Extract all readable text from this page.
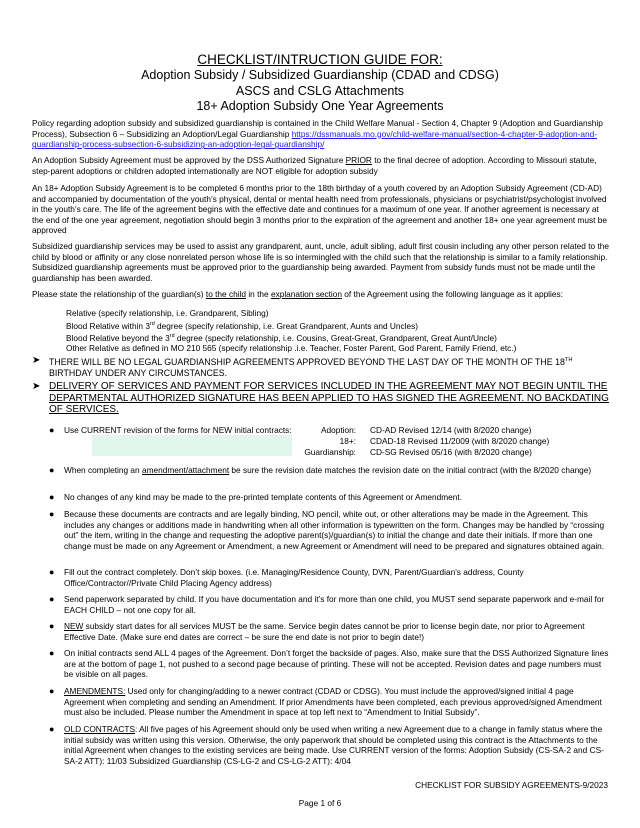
CHECKLIST/INTRUCTION GUIDE FOR:
Adoption Subsidy / Subsidized Guardianship (CDAD and CDSG)
ASCS and CSLG Attachments
18+ Adoption Subsidy One Year Agreements

Policy regarding adoption subsidy and subsidized guardianship is contained in the Child Welfare Manual - Section 4, Chapter 9 (Adoption and Guardianship Process), Subsection 6 – Subsidizing an Adoption/Legal Guardianship https://dssmanuals.mo.gov/child-welfare-manual/section-4-chapter-9-adoption-and-guardianship-process-subsection-6-subsidizing-an-adoption-legal-guardianship/

An Adoption Subsidy Agreement must be approved by the DSS Authorized Signature PRIOR to the final decree of adoption. According to Missouri statute, step-parent adoptions or children adopted internationally are NOT eligible for adoption subsidy

An 18+ Adoption Subsidy Agreement is to be completed 6 months prior to the 18th birthday of a youth covered by an Adoption Subsidy Agreement (CD-AD) and accompanied by documentation of the youth’s physical, dental or mental health need from professionals, physicians or psychiatrist/psychologist involved in the youth’s care. The life of the agreement begins with the effective date and continues for a maximum of one year. If another agreement is necessary at the end of the one year agreement, negotiation should begin 3 months prior to the expiration of the agreement and another 18+ one year agreement must be approved

Subsidized guardianship services may be used to assist any grandparent, aunt, uncle, adult sibling, adult first cousin including any other person related to the child by blood or affinity or any close nonrelated person whose life is so intermingled with the child such that the relationship is similar to a family relationship. Subsidized guardianship agreements must be approved prior to the guardianship being awarded. Payment from subsidy funds must not be made until the guardianship has been awarded.

Please state the relationship of the guardian(s) to the child in the explanation section of the Agreement using the following language as it applies:

Relative (specify relationship, i.e. Grandparent, Sibling)
Blood Relative within 3rd degree (specify relationship, i.e. Great Grandparent, Aunts and Uncles)
Blood Relative beyond the 3rd degree (specify relationship, i.e. Cousins, Great-Great, Grandparent, Great Aunt/Uncle)
Other Relative as defined in MO 210 565 (specify relationship .i.e. Teacher, Foster Parent, God Parent, Family Friend, etc.)
➤ THERE WILL BE NO LEGAL GUARDIANSHIP AGREEMENTS APPROVED BEYOND THE LAST DAY OF THE MONTH OF THE 18TH BIRTHDAY UNDER ANY CIRCUMSTANCES.
➤ DELIVERY OF SERVICES AND PAYMENT FOR SERVICES INCLUDED IN THE AGREEMENT MAY NOT BEGIN UNTIL THE DEPARTMENTAL AUTHORIZED SIGNATURE HAS BEEN APPLIED TO HAS SIGNED THE AGREEMENT. NO BACKDATING OF SERVICES.
● Use CURRENT revision of the forms for NEW initial contracts:	Adoption:
18+:
Guardianship:
CD-AD Revised 12/14 (with 8/2020 change)
CDAD-18 Revised 11/2009 (with 8/2020 change)
CD-SG Revised 05/16 (with 8/2020 change)
● When completing an amendment/attachment be sure the revision date matches the revision date on the initial contract (with the 8/2020 change)

● No changes of any kind may be made to the pre-printed template contents of this Agreement or Amendment.

● Because these documents are contracts and are legally binding, NO pencil, white out, or other alterations may be made in the Agreement. This includes any changes or additions made in handwriting when all other information is typewritten on the form. Changes may be handled by “crossing out” the item, writing in the change and requesting the adoptive parent(s)/guardian(s) to initial the change and date their initials. If more than one change must be made on any Agreement or Amendment, a new Agreement or Amendment will need to be prepared and signatures obtained again.

● Fill out the contract completely. Don’t skip boxes. (i.e. Managing/Residence County, DVN, Parent/Guardian's address, County Office/Contractor//Private Child Placing Agency address)

● Send paperwork separated by child. If you have documentation and it’s for more than one child, you MUST send separate paperwork and e-mail for EACH CHILD – not one copy for all.

● NEW subsidy start dates for all services MUST be the same. Service begin dates cannot be prior to license begin date, nor prior to Agreement Effective Date. (Make sure end dates are correct – be sure the end date is not prior to begin date!)

● On initial contracts send ALL 4 pages of the Agreement. Don’t forget the backside of pages. Also, make sure that the DSS Authorized Signature lines are at the bottom of page 1, not pushed to a second page because of printing. These will not be accepted. Revision dates and page numbers must be visible on all pages.

● AMENDMENTS: Used only for changing/adding to a newer contract (CDAD or CDSG). You must include the approved/signed initial 4 page Agreement when completing and sending an Amendment. If prior Amendments have been completed, each previous approved/signed Amendment must also be included. Please number the Amendment in space at top left next to “Amendment to Initial Subsidy”.

● OLD CONTRACTS: All five pages of his Agreement should only be used when writing a new Agreement due to a change in family status where the initial subsidy was written using this version. Otherwise, the only paperwork that should be completed using this contract is the Attachments to the initial Agreement when changes to the existing services are being made. Use CURRENT version of the forms: Adoption Subsidy (CS-SA-2 and CS-SA-2 ATT): 11/03 Subsidized Guardianship (CS-LG-2 and CS-LG-2 ATT): 4/04

CHECKLIST FOR SUBSIDY AGREEMENTS-9/2023
Page 1 of 6
